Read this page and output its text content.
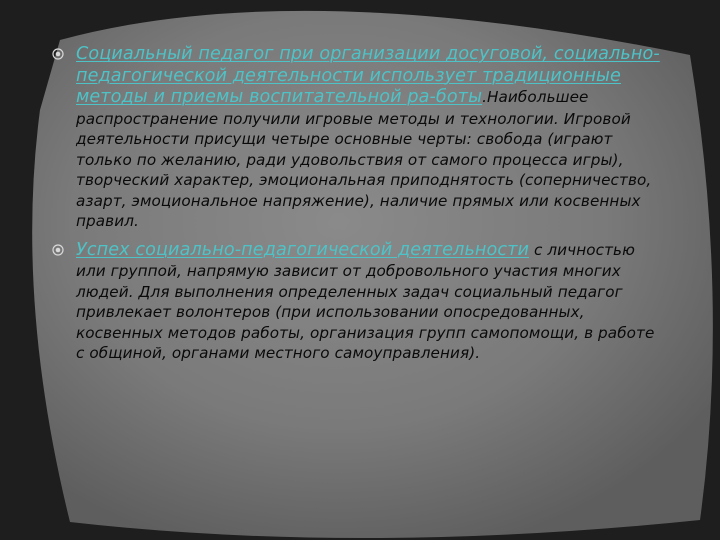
Социальный педагог при организации досуговой, социально-педагогической деятельности использует традиционные методы и приемы воспитательной ра-боты.Наибольшее распространение получили игровые методы и технологии. Игровой деятельности присущи четыре основные черты: свобода (играют только по желанию, ради удовольствия от самого процесса игры), творческий характер, эмоциональная приподнятость (соперничество, азарт, эмоциональное напряжение), наличие прямых или косвенных правил.
Успех социально-педагогической деятельности с личностью или группой, напрямую зависит от добровольного участия многих людей. Для выполнения определенных задач социальный педагог привлекает волонтеров (при использовании опосредованных, косвенных методов работы, организация групп самопомощи, в работе с общиной, органами местного самоуправления).
